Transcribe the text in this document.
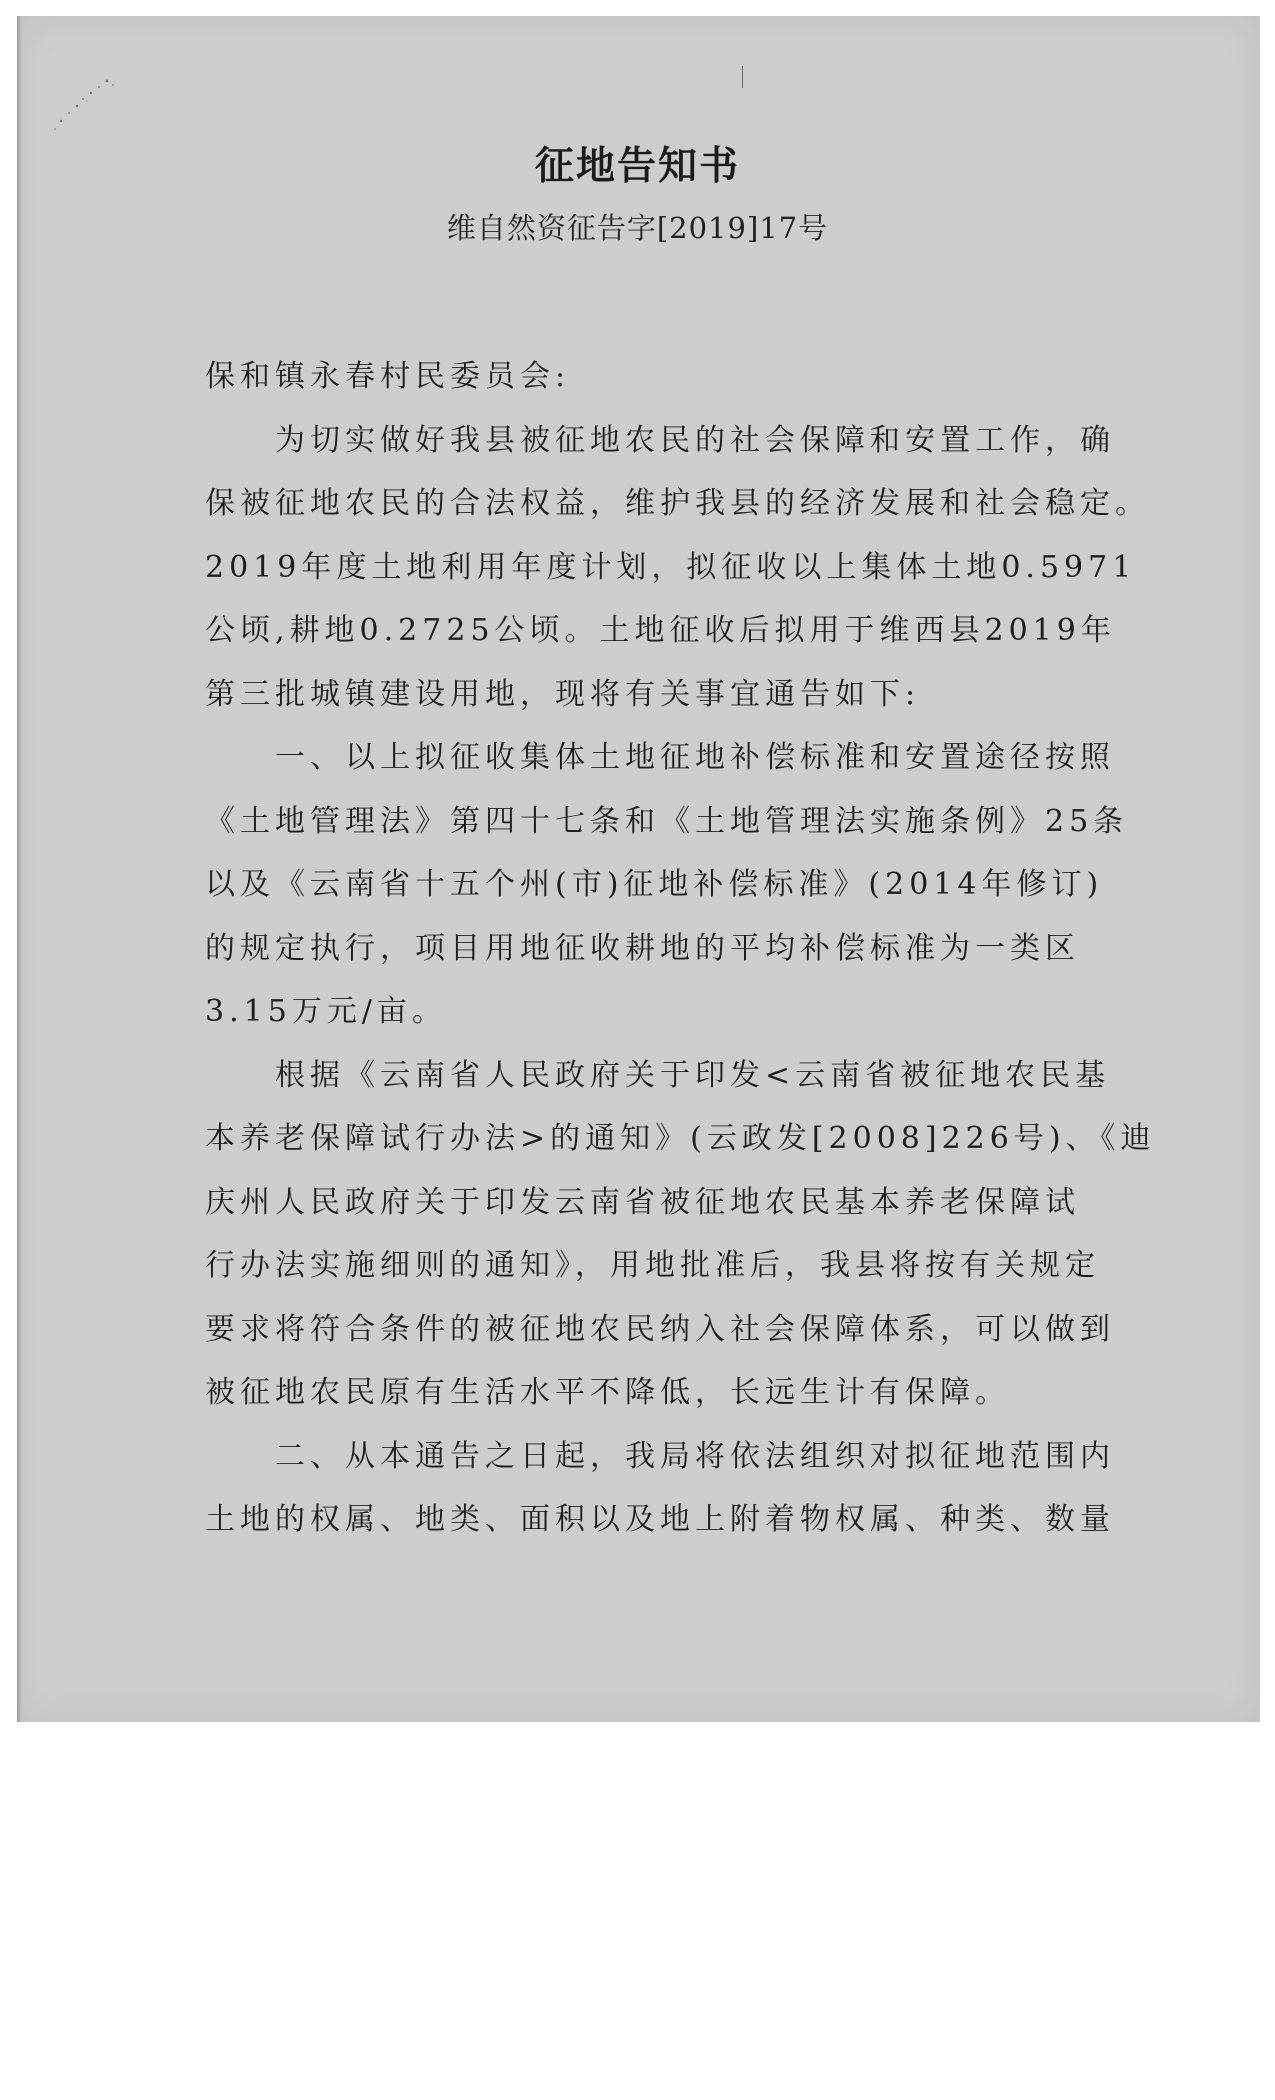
征地告知书
维自然资征告字[2019]17号
保和镇永春村民委员会:
为切实做好我县被征地农民的社会保障和安置工作，确
保被征地农民的合法权益，维护我县的经济发展和社会稳定。
2019年度土地利用年度计划，拟征收以上集体土地0.5971
公顷,耕地0.2725公顷。土地征收后拟用于维西县2019年
第三批城镇建设用地，现将有关事宜通告如下:
一、以上拟征收集体土地征地补偿标准和安置途径按照
《土地管理法》第四十七条和《土地管理法实施条例》25条
以及《云南省十五个州(市)征地补偿标准》(2014年修订)
的规定执行，项目用地征收耕地的平均补偿标准为一类区
3.15万元/亩。
根据《云南省人民政府关于印发<云南省被征地农民基
本养老保障试行办法>的通知》(云政发[2008]226号)、《迪
庆州人民政府关于印发云南省被征地农民基本养老保障试
行办法实施细则的通知》，用地批准后，我县将按有关规定
要求将符合条件的被征地农民纳入社会保障体系，可以做到
被征地农民原有生活水平不降低，长远生计有保障。
二、从本通告之日起，我局将依法组织对拟征地范围内
土地的权属、地类、面积以及地上附着物权属、种类、数量
